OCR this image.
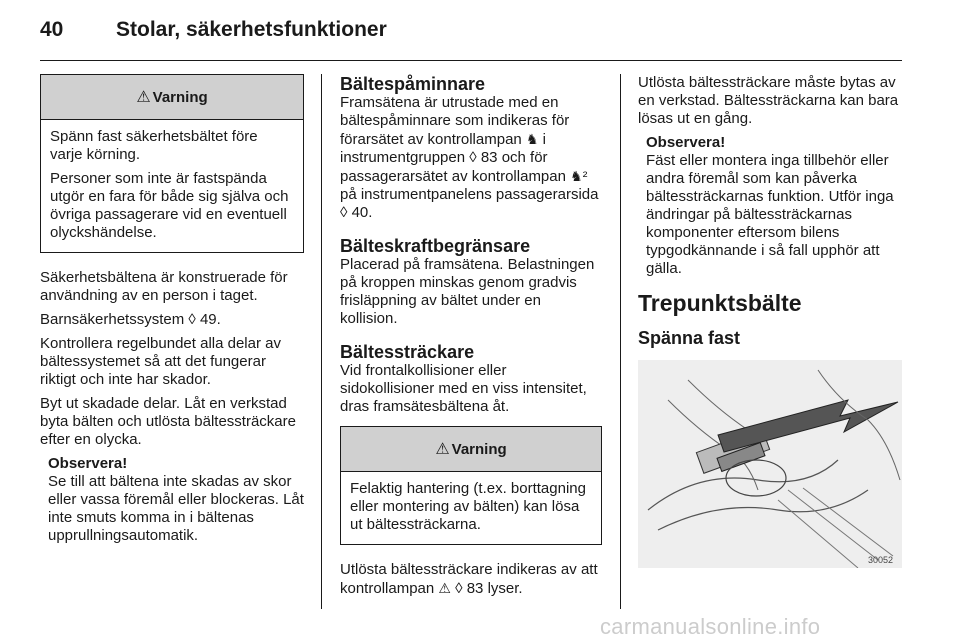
40	Stolar, säkerhetsfunktioner
⚠ Varning

Spänn fast säkerhetsbältet före varje körning.

Personer som inte är fastspända utgör en fara för både sig själva och övriga passagerare vid en eventuell olyckshändelse.

Säkerhetsbältena är konstruerade för användning av en person i taget.

Barnsäkerhetssystem ◊ 49.

Kontrollera regelbundet alla delar av bältessystemet så att det fungerar riktigt och inte har skador.

Byt ut skadade delar. Låt en verkstad byta bälten och utlösta bältessträckare efter en olycka.

Observera!

Se till att bältena inte skadas av skor eller vassa föremål eller blockeras. Låt inte smuts komma in i bältenas upprullningsautomatik.

Bältespåminnare

Framsätena är utrustade med en bältespåminnare som indikeras för förarsätet av kontrollampan ♞ i instrumentgruppen ◊ 83 och för passagerarsätet av kontrollampan ♞² på instrumentpanelens passagerarsida ◊ 40.

Bälteskraftbegränsare

Placerad på framsätena. Belastningen på kroppen minskas genom gradvis frisläppning av bältet under en kollision.

Bältessträckare

Vid frontalkollisioner eller sidokollisioner med en viss intensitet, dras framsätesbältena åt.

⚠ Varning

Felaktig hantering (t.ex. borttagning eller montering av bälten) kan lösa ut bältessträckarna.

Utlösta bältessträckare indikeras av att kontrollampan ⚠ ◊ 83 lyser.

Utlösta bältessträckare måste bytas av en verkstad. Bältessträckarna kan bara lösas ut en gång.

Observera!

Fäst eller montera inga tillbehör eller andra föremål som kan påverka bältessträckarnas funktion. Utför inga ändringar på bältessträckarnas komponenter eftersom bilens typgodkännande i så fall upphör att gälla.

Trepunktsbälte
Spänna fast
30052
carmanualsonline.info
